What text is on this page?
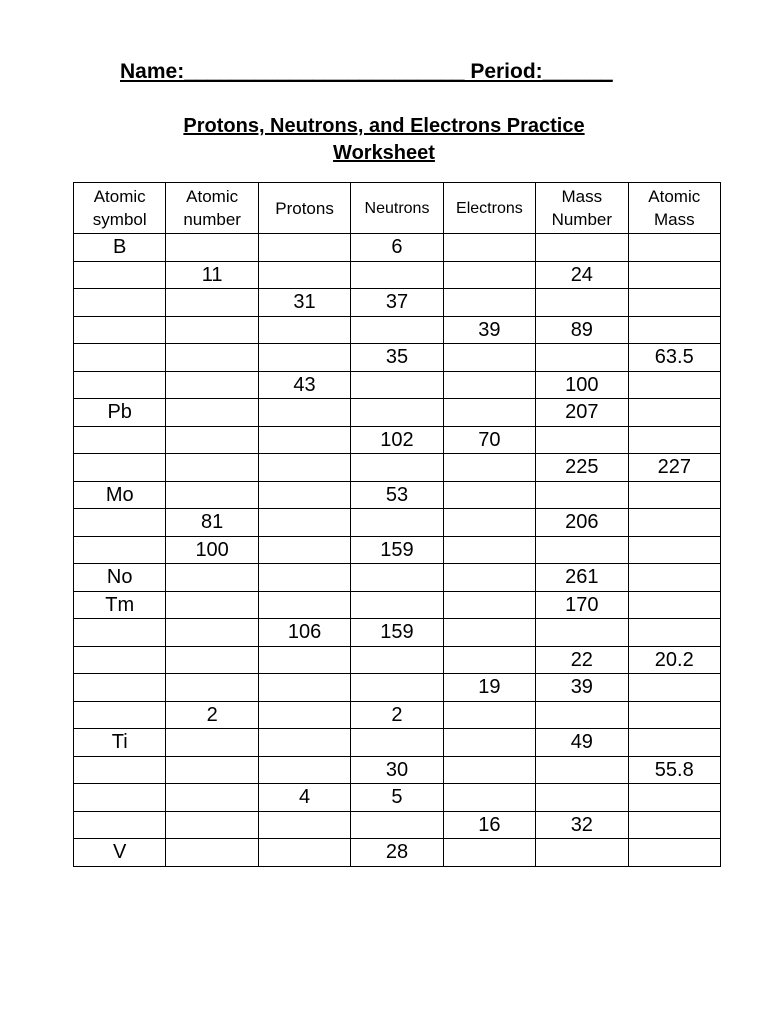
Name:________________________ Period:______
Protons, Neutrons, and Electrons Practice
Worksheet
Atomic symbol	Atomic number	Protons	Neutrons	Electrons	Mass Number	Atomic Mass
B			6			
	11				24	
		31	37			
				39	89	
			35			63.5
		43			100	
Pb					207	
			102	70		
					225	227
Mo			53			
	81				206	
	100		159			
No					261	
Tm					170	
		106	159			
					22	20.2
				19	39	
	2		2			
Ti					49	
			30			55.8
		4	5			
				16	32	
V			28			
